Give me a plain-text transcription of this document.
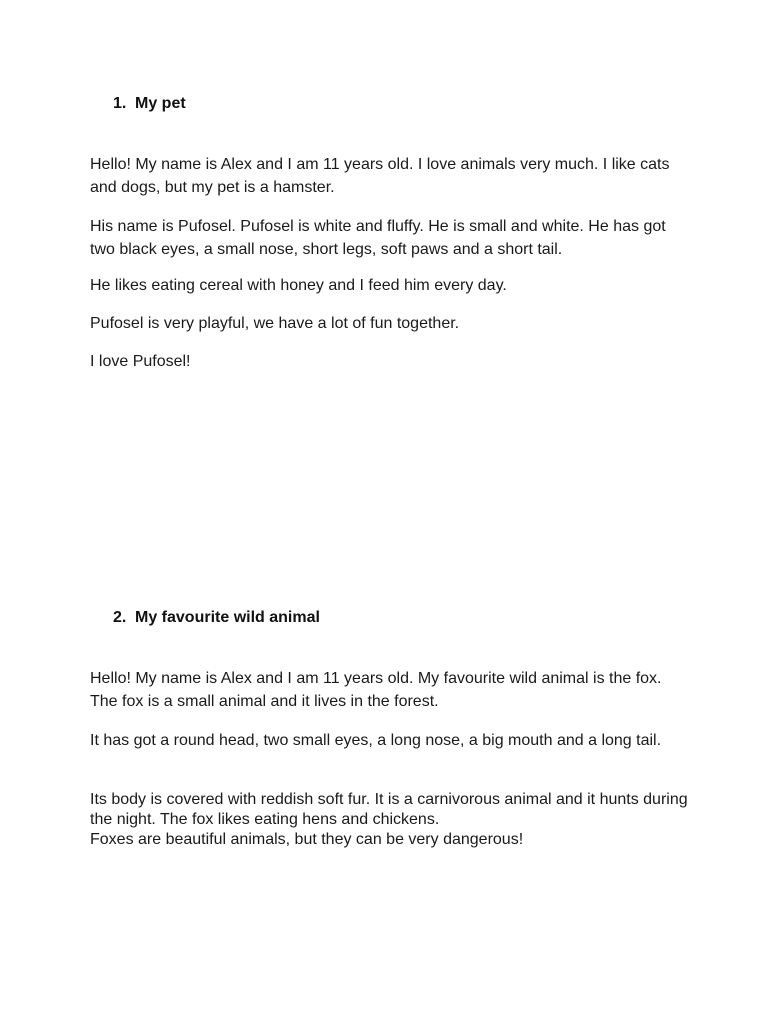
1. My pet

Hello! My name is Alex and I am 11 years old. I love animals very much. I like cats and dogs, but my pet is a hamster.

His name is Pufosel. Pufosel is white and fluffy. He is small and white. He has got two black eyes, a small nose, short legs, soft paws and a short tail.

He likes eating cereal with honey and I feed him every day.

Pufosel is very playful, we have a lot of fun together.

I love Pufosel!

2. My favourite wild animal

Hello! My name is Alex and I am 11 years old. My favourite wild animal is the fox. The fox is a small animal and it lives in the forest.

It has got a round head, two small eyes, a long nose, a big mouth and a long tail.

Its body is covered with reddish soft fur. It is a carnivorous animal and it hunts during the night. The fox likes eating hens and chickens.
Foxes are beautiful animals, but they can be very dangerous!
